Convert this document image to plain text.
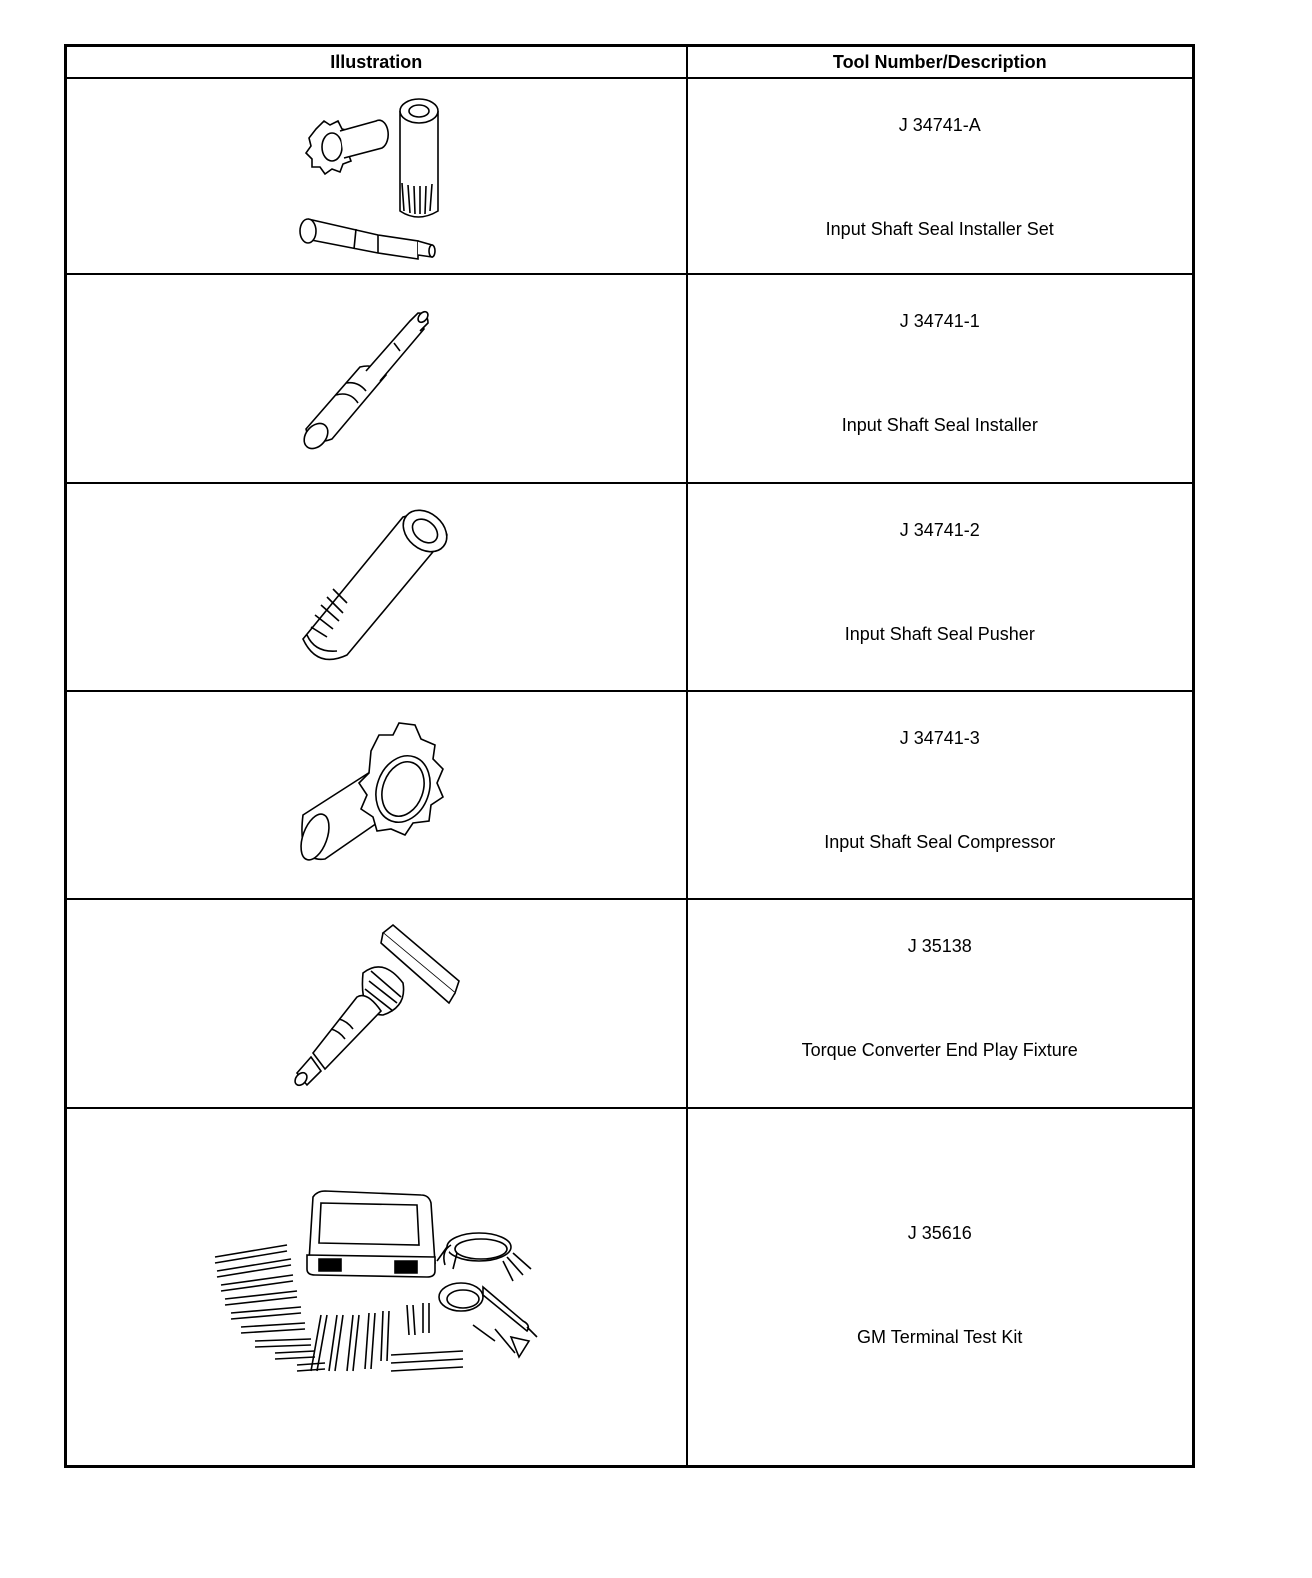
Illustration	Tool Number/Description

J 34741-A
Input Shaft Seal Installer Set

J 34741-1
Input Shaft Seal Installer

J 34741-2
Input Shaft Seal Pusher

J 34741-3
Input Shaft Seal Compressor

J 35138
Torque Converter End Play Fixture

J 35616
GM Terminal Test Kit
